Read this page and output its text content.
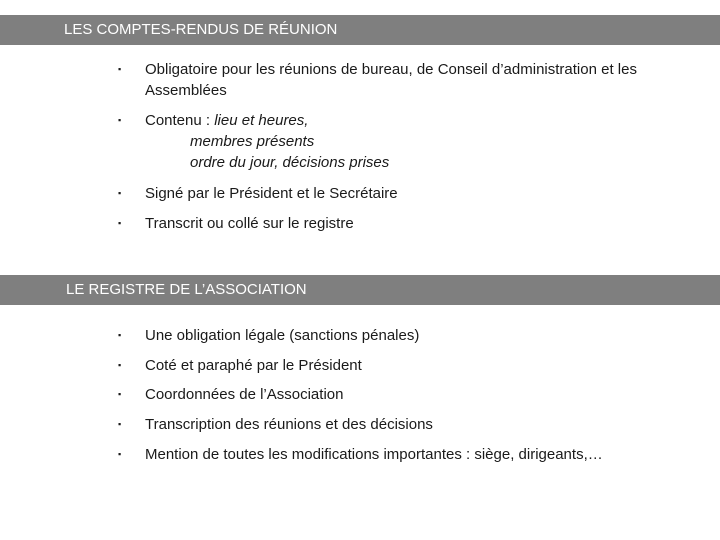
LES COMPTES-RENDUS DE RÉUNION
▪	Obligatoire pour les réunions de bureau, de Conseil d’administration et les Assemblées
▪	Contenu : lieu et heures,
membres présents
ordre du jour, décisions prises
▪	Signé par le Président et le Secrétaire
▪	Transcrit ou collé sur le registre
LE REGISTRE DE L’ASSOCIATION
▪	Une obligation légale (sanctions pénales)
▪	Coté et paraphé par le Président
▪	Coordonnées de l’Association
▪	Transcription des réunions et des décisions
▪	Mention de toutes les modifications importantes : siège, dirigeants,…
